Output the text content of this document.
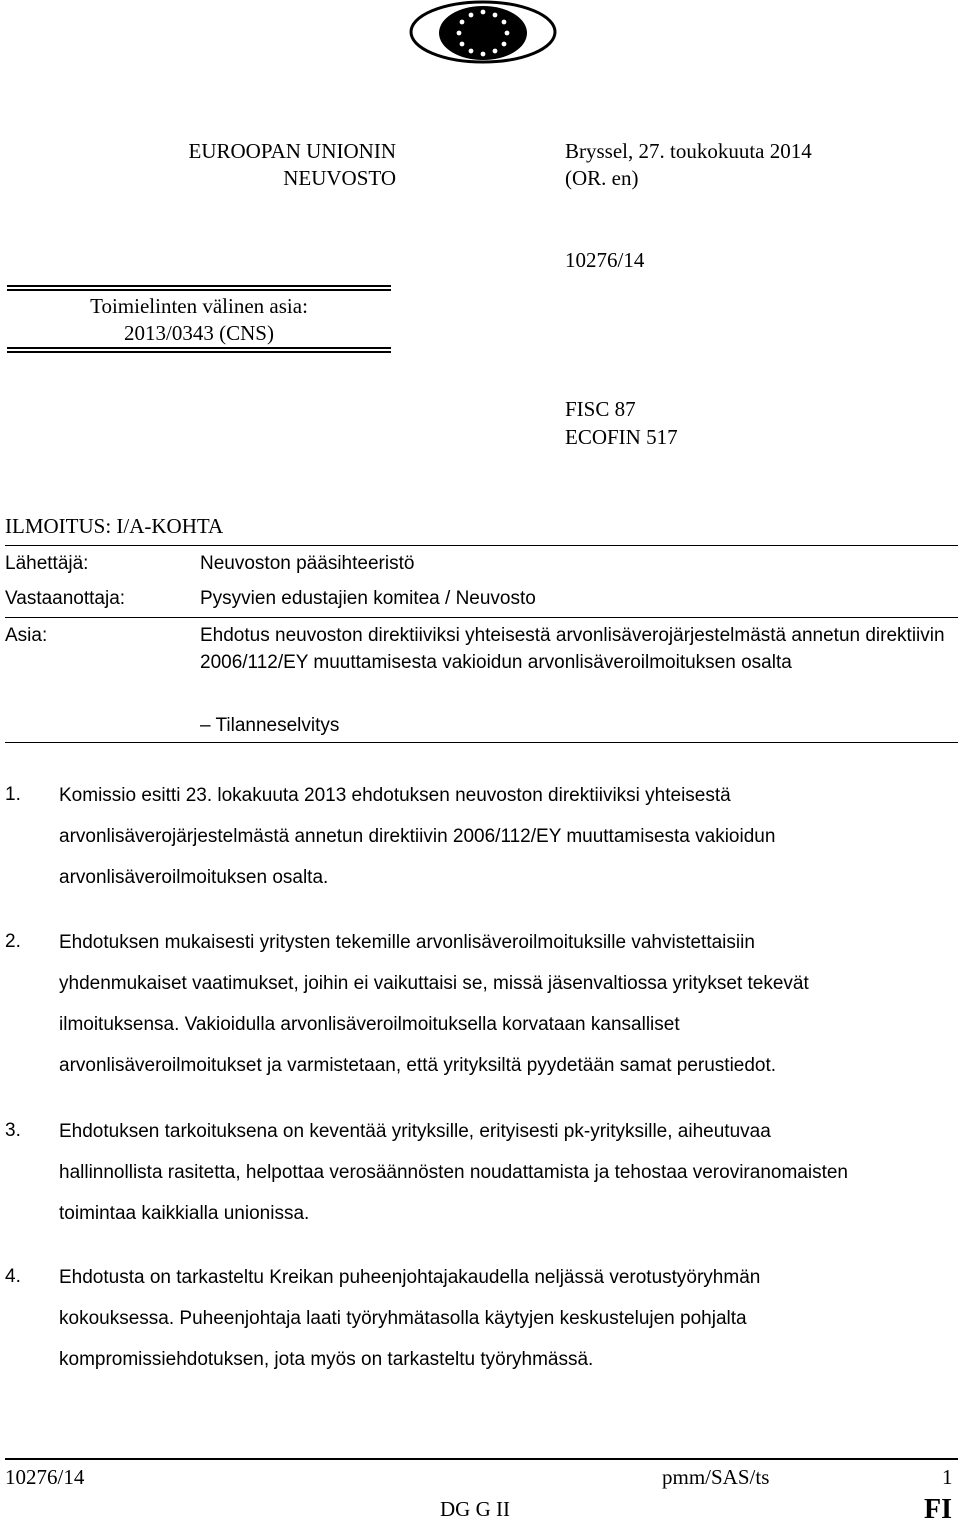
EUROOPAN UNIONIN
NEUVOSTO
Bryssel, 27. toukokuuta 2014
(OR. en)
10276/14
Toimielinten välinen asia:
2013/0343 (CNS)
FISC 87
ECOFIN 517
ILMOITUS: I/A-KOHTA
Lähettäjä:	Neuvoston pääsihteeristö
Vastaanottaja:	Pysyvien edustajien komitea / Neuvosto
Asia:	Ehdotus neuvoston direktiiviksi yhteisestä arvonlisäverojärjestelmästä annetun direktiivin 2006/112/EY muuttamisesta vakioidun arvonlisäveroilmoituksen osalta
– Tilanneselvitys
1. Komissio esitti 23. lokakuuta 2013 ehdotuksen neuvoston direktiiviksi yhteisestä
arvonlisäverojärjestelmästä annetun direktiivin 2006/112/EY muuttamisesta vakioidun
arvonlisäveroilmoituksen osalta.
2. Ehdotuksen mukaisesti yritysten tekemille arvonlisäveroilmoituksille vahvistettaisiin
yhdenmukaiset vaatimukset, joihin ei vaikuttaisi se, missä jäsenvaltiossa yritykset tekevät
ilmoituksensa. Vakioidulla arvonlisäveroilmoituksella korvataan kansalliset
arvonlisäveroilmoitukset ja varmistetaan, että yrityksiltä pyydetään samat perustiedot.
3. Ehdotuksen tarkoituksena on keventää yrityksille, erityisesti pk-yrityksille, aiheutuvaa
hallinnollista rasitetta, helpottaa verosäännösten noudattamista ja tehostaa veroviranomaisten
toimintaa kaikkialla unionissa.
4. Ehdotusta on tarkasteltu Kreikan puheenjohtajakaudella neljässä verotustyöryhmän
kokouksessa. Puheenjohtaja laati työryhmätasolla käytyjen keskustelujen pohjalta
kompromissiehdotuksen, jota myös on tarkasteltu työryhmässä.
10276/14	pmm/SAS/ts	1
DG G II	FI
